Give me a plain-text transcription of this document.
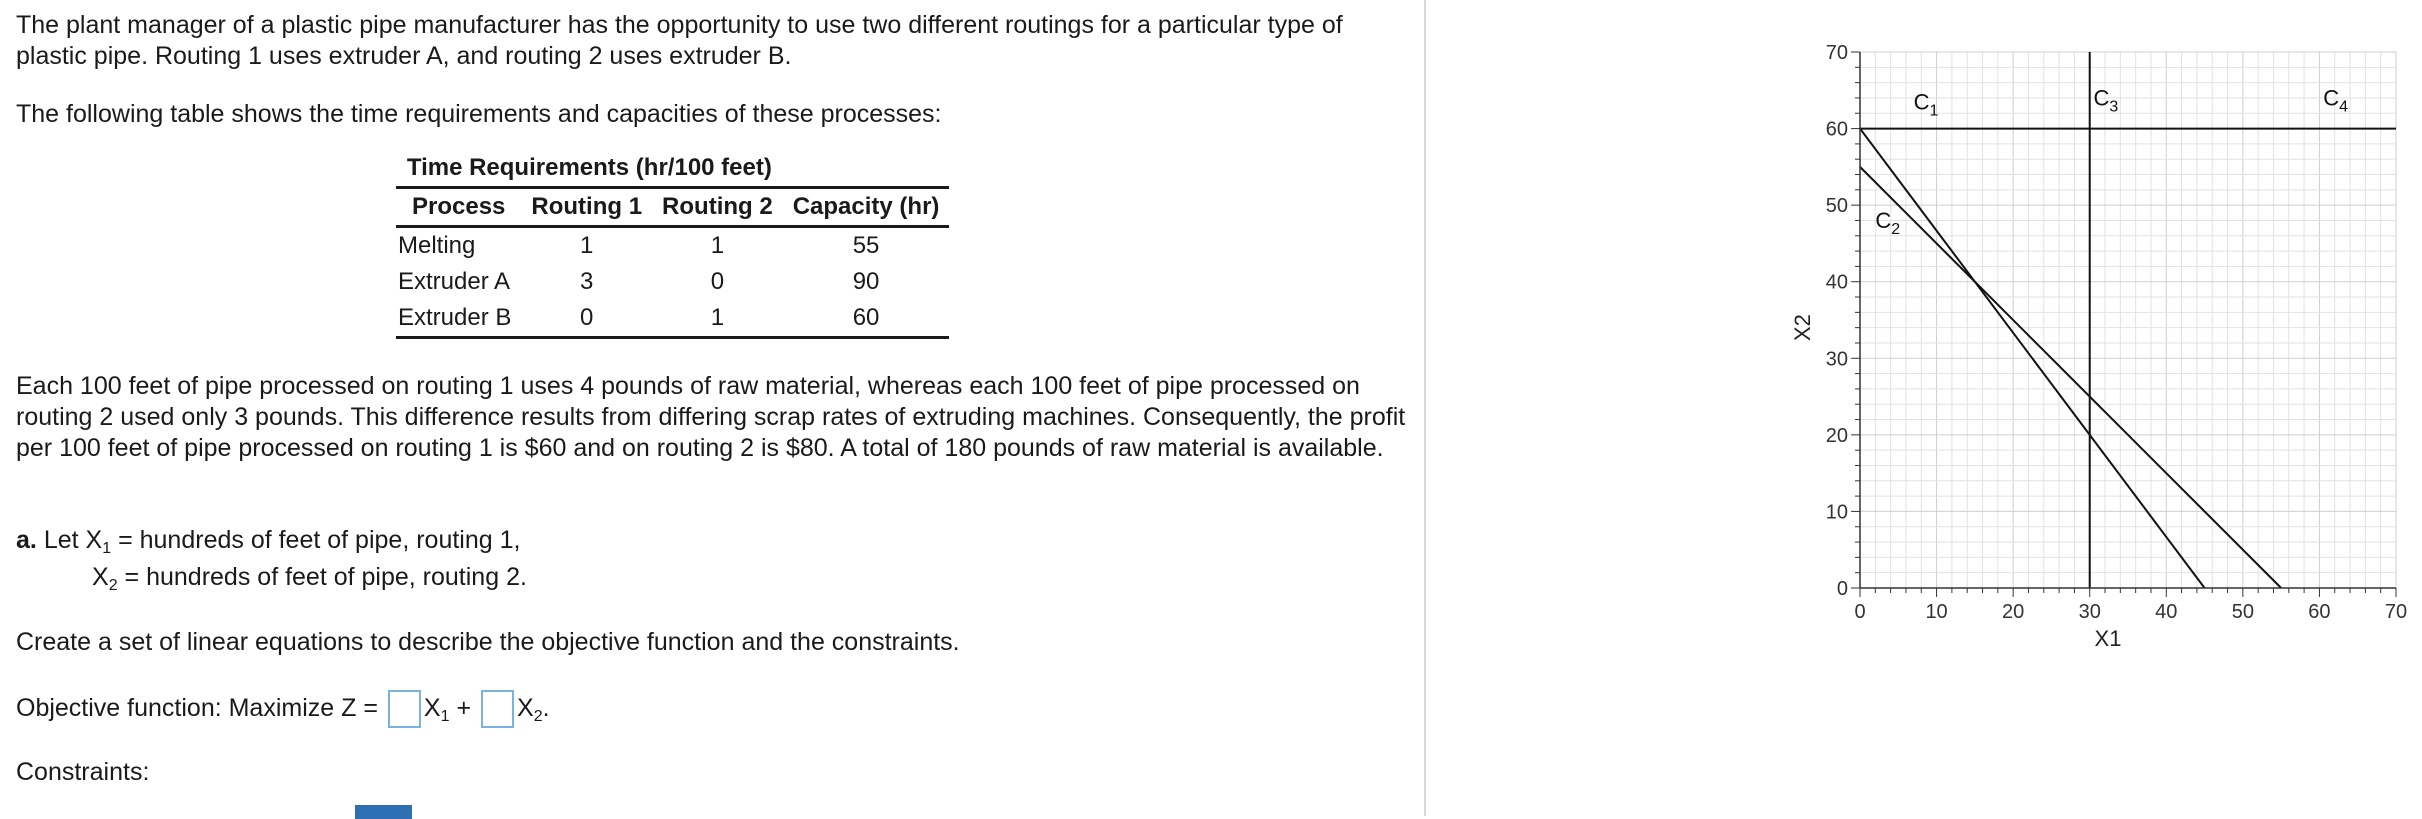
The plant manager of a plastic pipe manufacturer has the opportunity to use two different routings for a particular type of plastic pipe. Routing 1 uses extruder A, and routing 2 uses extruder B.

The following table shows the time requirements and capacities of these processes:

Time Requirements (hr/100 feet)			
Process	Routing 1	Routing 2	Capacity (hr)
Melting	1	1	55
Extruder A	3	0	90
Extruder B	0	1	60

Each 100 feet of pipe processed on routing 1 uses 4 pounds of raw material, whereas each 100 feet of pipe processed on routing 2 used only 3 pounds. This difference results from differing scrap rates of extruding machines. Consequently, the profit per 100 feet of pipe processed on routing 1 is $60 and on routing 2 is $80. A total of 180 pounds of raw material is available.

a. Let $X_1$ = hundreds of feet of pipe, routing 1,

$X_2$ = hundreds of feet of pipe, routing 2.

Create a set of linear equations to describe the objective function and the constraints.

Objective function: Maximize $Z = X_1 + X_2$.

Constraints:

0	10	20	30	40	50	60	70
0
10
20
30
40
50
60
70
X1
X2
$C_1$
$C_2$
$C_3$	$C_4$
